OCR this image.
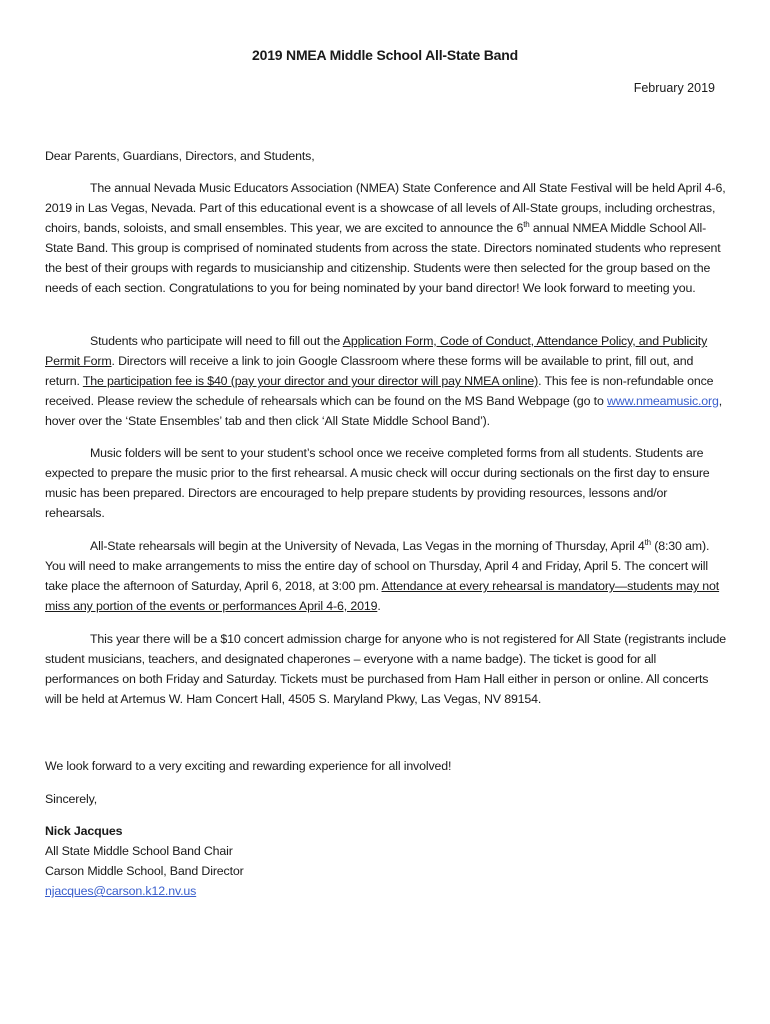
2019 NMEA Middle School All-State Band
February 2019
Dear Parents, Guardians, Directors, and Students,
The annual Nevada Music Educators Association (NMEA) State Conference and All State Festival will be held April 4-6, 2019 in Las Vegas, Nevada. Part of this educational event is a showcase of all levels of All-State groups, including orchestras, choirs, bands, soloists, and small ensembles. This year, we are excited to announce the 6th annual NMEA Middle School All-State Band. This group is comprised of nominated students from across the state. Directors nominated students who represent the best of their groups with regards to musicianship and citizenship. Students were then selected for the group based on the needs of each section. Congratulations to you for being nominated by your band director! We look forward to meeting you.
Students who participate will need to fill out the Application Form, Code of Conduct, Attendance Policy, and Publicity Permit Form. Directors will receive a link to join Google Classroom where these forms will be available to print, fill out, and return. The participation fee is $40 (pay your director and your director will pay NMEA online). This fee is non-refundable once received. Please review the schedule of rehearsals which can be found on the MS Band Webpage (go to www.nmeamusic.org, hover over the ‘State Ensembles’ tab and then click ‘All State Middle School Band’).
Music folders will be sent to your student’s school once we receive completed forms from all students. Students are expected to prepare the music prior to the first rehearsal. A music check will occur during sectionals on the first day to ensure music has been prepared. Directors are encouraged to help prepare students by providing resources, lessons and/or rehearsals.
All-State rehearsals will begin at the University of Nevada, Las Vegas in the morning of Thursday, April 4th (8:30 am). You will need to make arrangements to miss the entire day of school on Thursday, April 4 and Friday, April 5. The concert will take place the afternoon of Saturday, April 6, 2018, at 3:00 pm. Attendance at every rehearsal is mandatory—students may not miss any portion of the events or performances April 4-6, 2019.
This year there will be a $10 concert admission charge for anyone who is not registered for All State (registrants include student musicians, teachers, and designated chaperones – everyone with a name badge). The ticket is good for all performances on both Friday and Saturday. Tickets must be purchased from Ham Hall either in person or online. All concerts will be held at Artemus W. Ham Concert Hall, 4505 S. Maryland Pkwy, Las Vegas, NV 89154.
We look forward to a very exciting and rewarding experience for all involved!
Sincerely,
Nick Jacques
All State Middle School Band Chair
Carson Middle School, Band Director
njacques@carson.k12.nv.us
